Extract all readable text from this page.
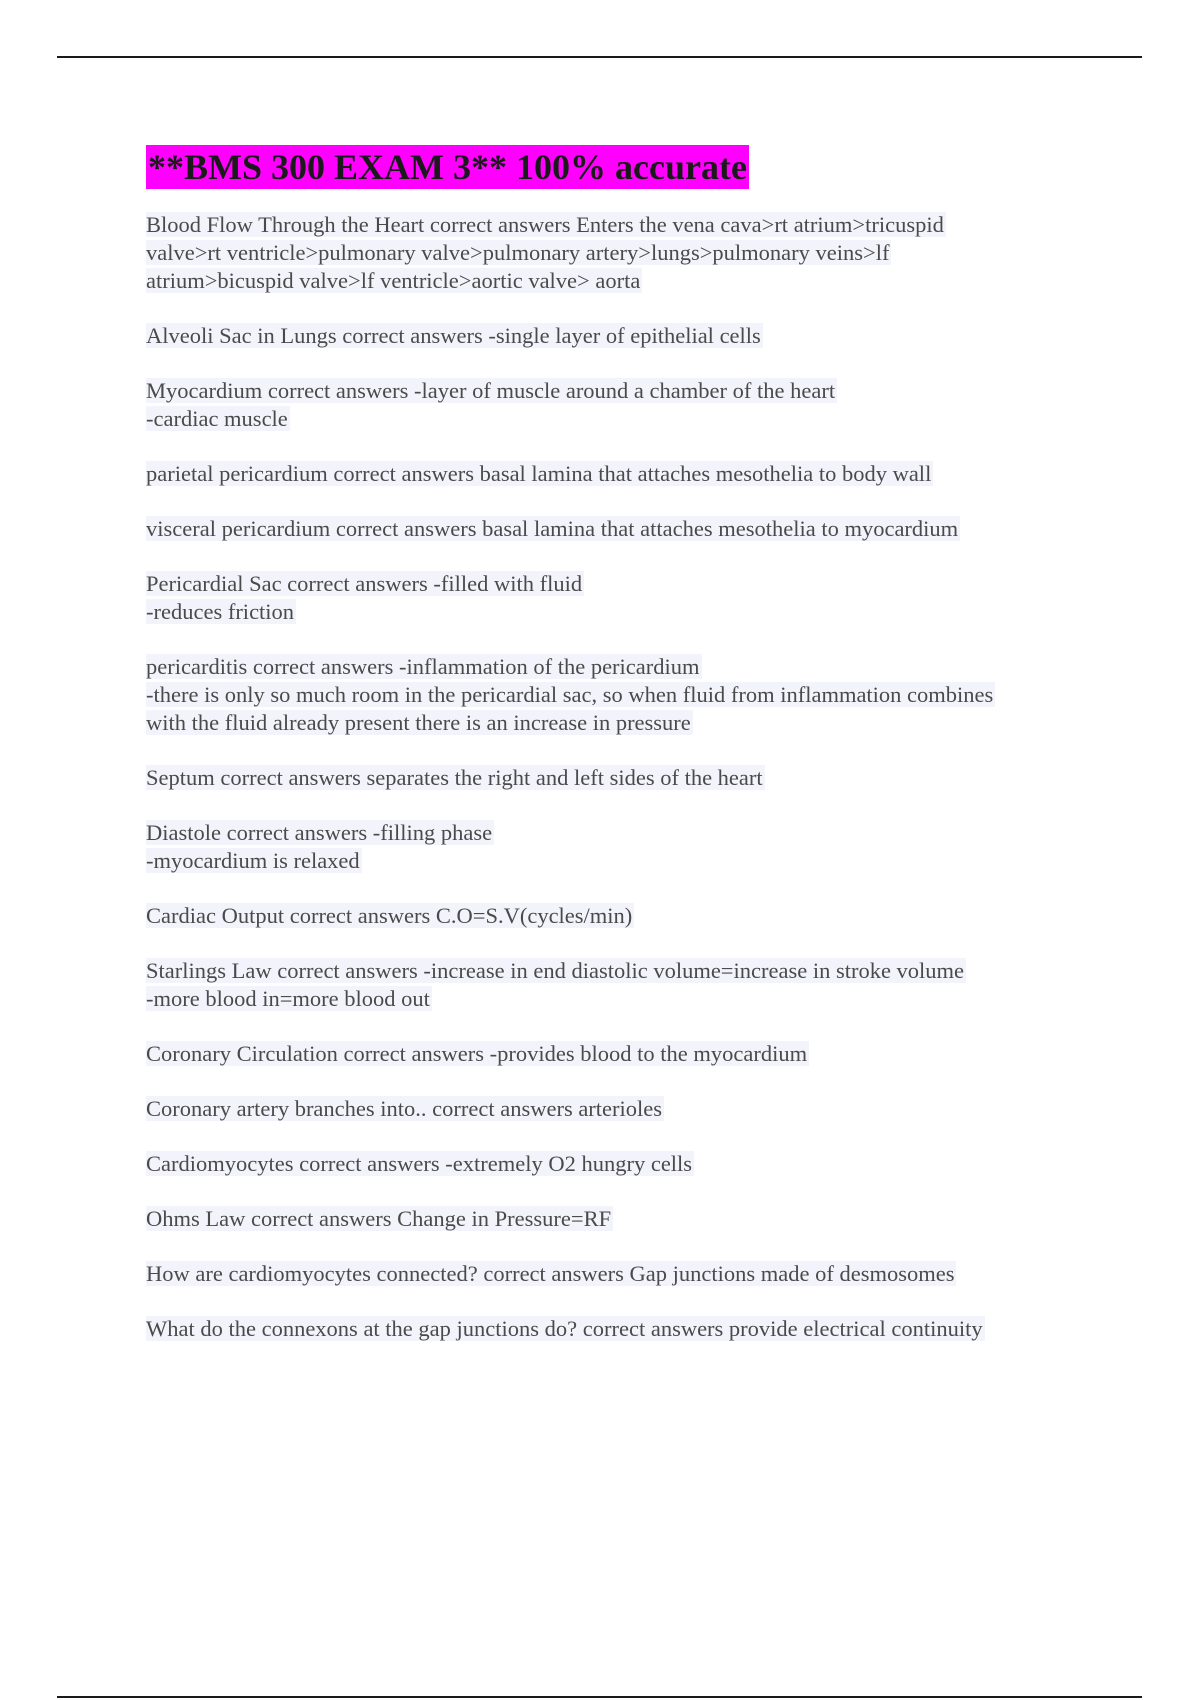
**BMS 300 EXAM 3** 100% accurate
Blood Flow Through the Heart correct answers Enters the vena cava>rt atrium>tricuspid
valve>rt ventricle>pulmonary valve>pulmonary artery>lungs>pulmonary veins>lf
atrium>bicuspid valve>lf ventricle>aortic valve> aorta
Alveoli Sac in Lungs correct answers -single layer of epithelial cells
Myocardium correct answers -layer of muscle around a chamber of the heart
-cardiac muscle
parietal pericardium correct answers basal lamina that attaches mesothelia to body wall
visceral pericardium correct answers basal lamina that attaches mesothelia to myocardium
Pericardial Sac correct answers -filled with fluid
-reduces friction
pericarditis correct answers -inflammation of the pericardium
-there is only so much room in the pericardial sac, so when fluid from inflammation combines
with the fluid already present there is an increase in pressure
Septum correct answers separates the right and left sides of the heart
Diastole correct answers -filling phase
-myocardium is relaxed
Cardiac Output correct answers C.O=S.V(cycles/min)
Starlings Law correct answers -increase in end diastolic volume=increase in stroke volume
-more blood in=more blood out
Coronary Circulation correct answers -provides blood to the myocardium
Coronary artery branches into.. correct answers arterioles
Cardiomyocytes correct answers -extremely O2 hungry cells
Ohms Law correct answers Change in Pressure=RF
How are cardiomyocytes connected? correct answers Gap junctions made of desmosomes
What do the connexons at the gap junctions do? correct answers provide electrical continuity
